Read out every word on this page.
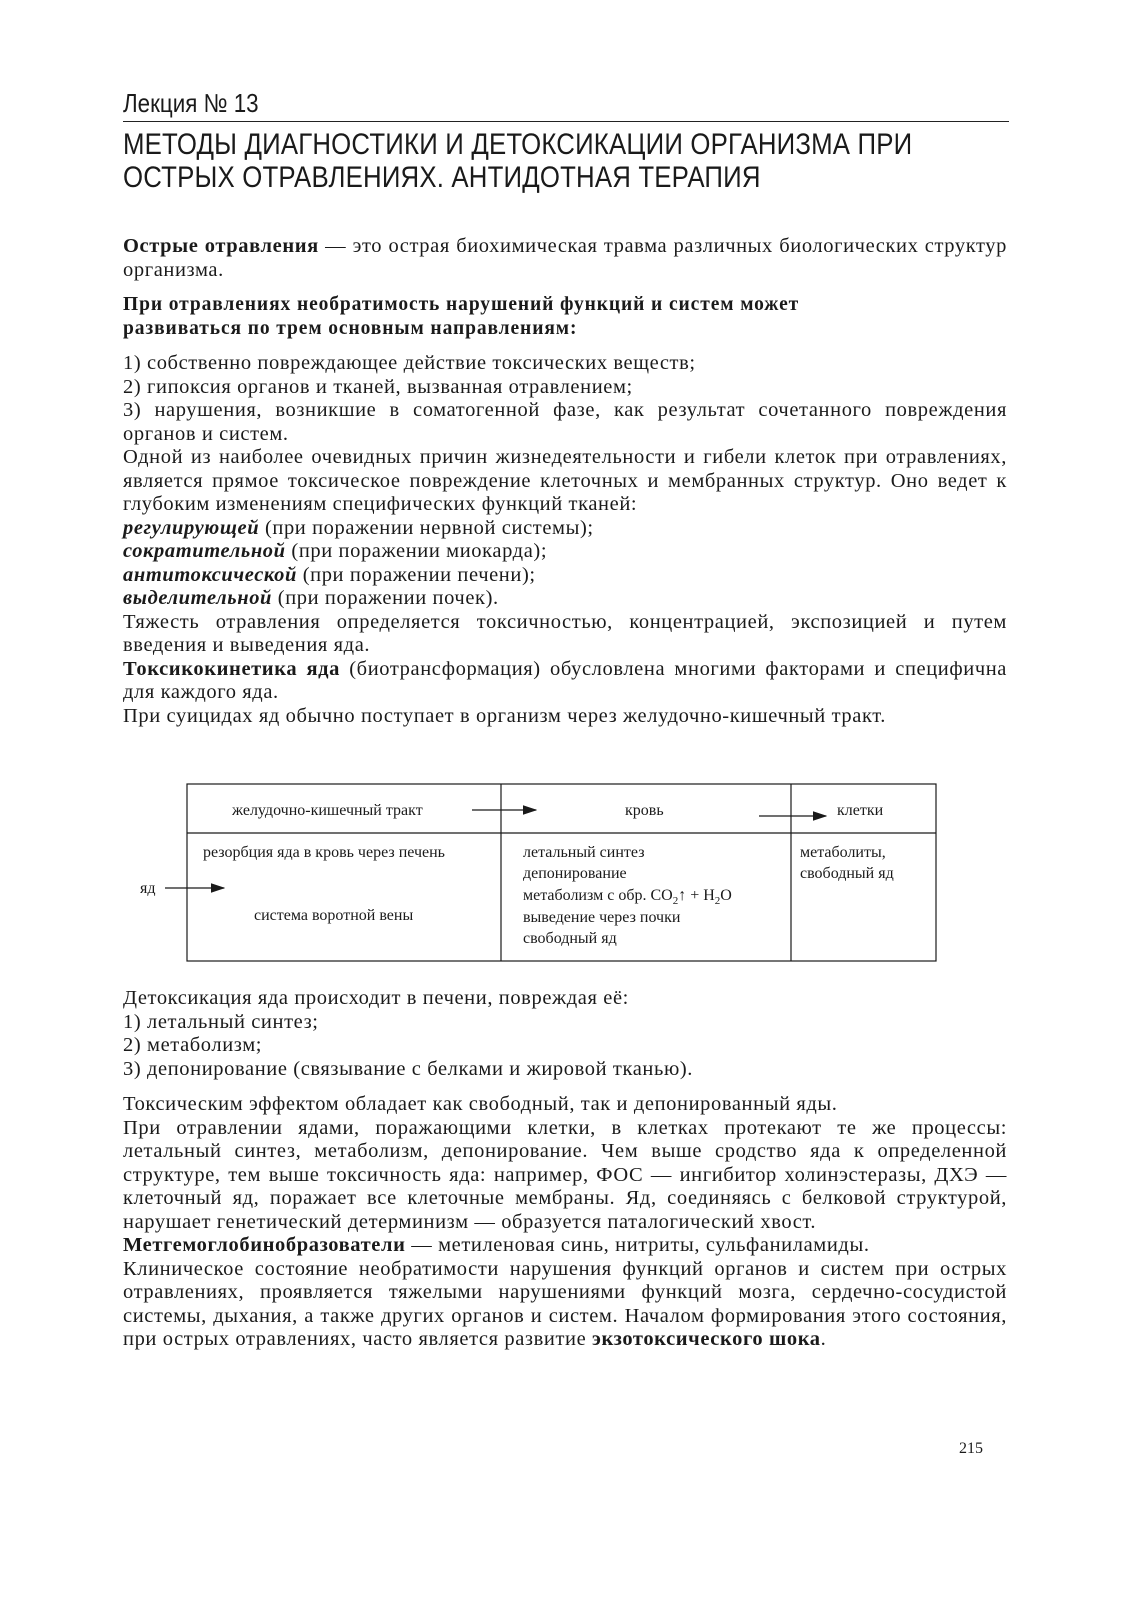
Лекция № 13
МЕТОДЫ ДИАГНОСТИКИ И ДЕТОКСИКАЦИИ ОРГАНИЗМА ПРИ
ОСТРЫХ ОТРАВЛЕНИЯХ. АНТИДОТНАЯ ТЕРАПИЯ

Острые отравления — это острая биохимическая травма различных биологических структур организма.

При отравлениях необратимость нарушений функций и систем может развиваться по трем основным направлениям:

1) собственно повреждающее действие токсических веществ;

2) гипоксия органов и тканей, вызванная отравлением;

3) нарушения, возникшие в соматогенной фазе, как результат сочетанного повреждения органов и систем.

Одной из наиболее очевидных причин жизнедеятельности и гибели клеток при отравлениях, является прямое токсическое повреждение клеточных и мембранных структур. Оно ведет к глубоким изменениям специфических функций тканей:

регулирующей (при поражении нервной системы);

сократительной (при поражении миокарда);

антитоксической (при поражении печени);

выделительной (при поражении почек).

Тяжесть отравления определяется токсичностью, концентрацией, экспозицией и путем введения и выведения яда.

Токсикокинетика яда (биотрансформация) обусловлена многими факторами и специфична для каждого яда.

При суицидах яд обычно поступает в организм через желудочно-кишечный тракт.

желудочно-кишечный тракт	кровь	клетки
яд
резорбция яда в кровь через печень
система воротной вены
летальный синтез
депонирование
метаболизм с обр. $CO_2↑ + H_2O$
выведение через почки
свободный яд
метаболиты,
свободный яд

Детоксикация яда происходит в печени, повреждая её:

1) летальный синтез;

2) метаболизм;

3) депонирование (связывание с белками и жировой тканью).

Токсическим эффектом обладает как свободный, так и депонированный яды.

При отравлении ядами, поражающими клетки, в клетках протекают те же процессы: летальный синтез, метаболизм, депонирование. Чем выше сродство яда к определенной структуре, тем выше токсичность яда: например, ФОС — ингибитор холинэстеразы, ДХЭ — клеточный яд, поражает все клеточные мембраны. Яд, соединяясь с белковой структурой, нарушает генетический детерминизм — образуется паталогический хвост.

Метгемоглобинобразователи — метиленовая синь, нитриты, сульфаниламиды.

Клиническое состояние необратимости нарушения функций органов и систем при острых отравлениях, проявляется тяжелыми нарушениями функций мозга, сердечно-сосудистой системы, дыхания, а также других органов и систем. Началом формирования этого состояния, при острых отравлениях, часто является развитие экзотоксического шока.

215
